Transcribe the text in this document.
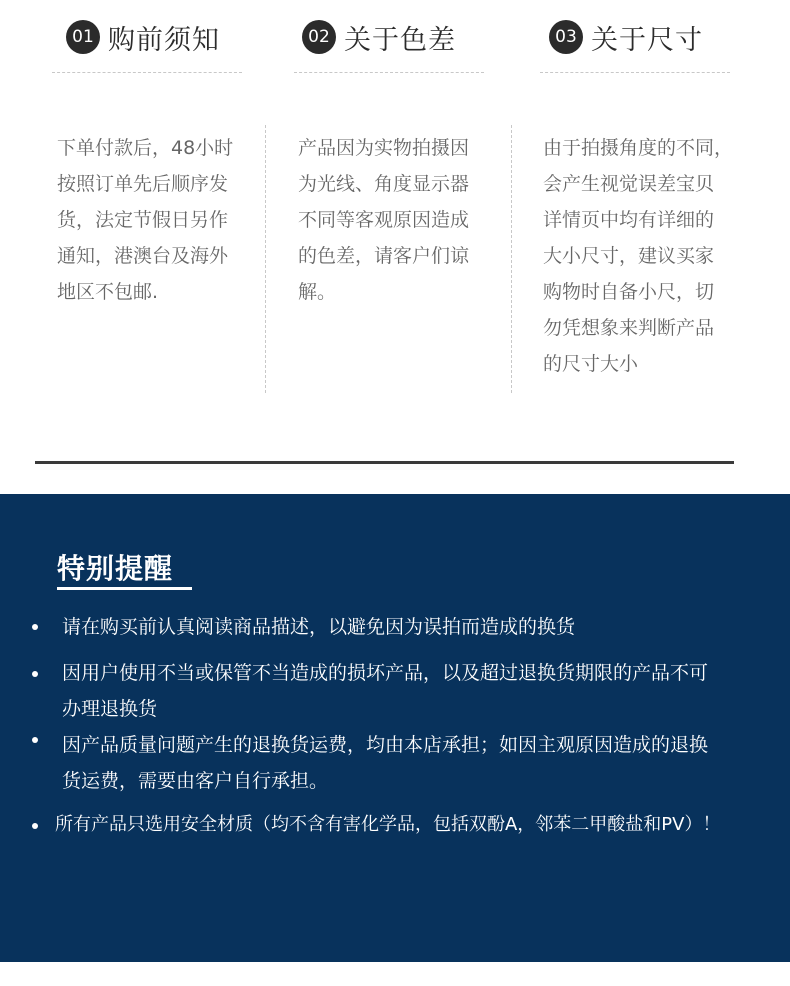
01 购前须知

下单付款后，48小时

按照订单先后顺序发

货，法定节假日另作

通知，港澳台及海外

地区不包邮.

02 关于色差

产品因为实物拍摄因

为光线、角度显示器

不同等客观原因造成

的色差，请客户们谅

解。

03 关于尺寸

由于拍摄角度的不同，

会产生视觉误差宝贝

详情页中均有详细的

大小尺寸，建议买家

购物时自备小尺，切

勿凭想象来判断产品

的尺寸大小

特别提醒

请在购买前认真阅读商品描述，以避免因为误拍而造成的换货

因用户使用不当或保管不当造成的损坏产品，以及超过退换货期限的产品不可

办理退换货

因产品质量问题产生的退换货运费，均由本店承担；如因主观原因造成的退换

货运费，需要由客户自行承担。

所有产品只选用安全材质（均不含有害化学品，包括双酚A，邻苯二甲酸盐和PV）！
